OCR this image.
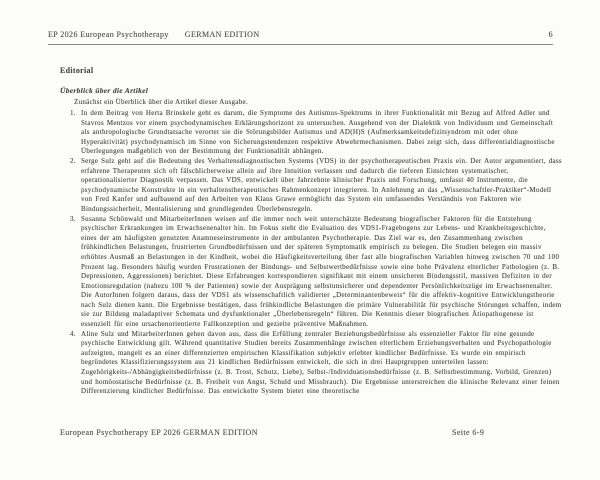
EP 2026 European Psychotherapy GERMAN EDITION	6
Editorial
Überblick über die Artikel
Zunächst ein Überblick über die Artikel dieser Ausgabe.
1. In dem Beitrag von Herta Brinskele geht es darum, die Symptome des Autismus-Spektrums in ihrer Funktionalität mit Bezug auf Alfred Adler und Stavros Mentzos vor einem psychodynamischen Erklärungshorizont zu untersuchen. Ausgehend von der Dialektik von Individuum und Gemeinschaft als anthropologische Grundtatsache verortet sie die Störungsbilder Autismus und AD(H)S (Aufmerksamkeitsdefizitsyndrom mit oder ohne Hyperaktivität) psychodynamisch im Sinne von Sicherungstendenzen respektive Abwehrmechanismen. Dabei zeigt sich, dass differentialdiagnostische Überlegungen maßgeblich von der Bestimmung der Funktionalität abhängen.
2. Serge Sulz geht auf die Bedeutung des Verhaltensdiagnostischen Systems (VDS) in der psychotherapeutischen Praxis ein. Der Autor argumentiert, dass erfahrene Therapeuten sich oft fälschlicherweise allein auf ihre Intuition verlassen und dadurch die tieferen Einsichten systematischer, operationalisierter Diagnostik verpassen. Das VDS, entwickelt über Jahrzehnte klinischer Praxis und Forschung, umfasst 40 Instrumente, die psychodynamische Konstrukte in ein verhaltenstherapeutisches Rahmenkonzept integrieren. In Anlehnung an das „Wissenschaftler-Praktiker“-Modell von Fred Kanfer und aufbauend auf den Arbeiten von Klaus Grawe ermöglicht das System ein umfassendes Verständnis von Faktoren wie Bindungssicherheit, Mentalisierung und grundlegenden Überlebensregeln.
3. Susanna Schönwald und MitarbeiterInnen weisen auf die immer noch weit unterschätzte Bedeutung biografischer Faktoren für die Entstehung psychischer Erkrankungen im Erwachsenenalter hin. Im Fokus steht die Evaluation des VDS1-Fragebogens zur Lebens- und Krankheitsgeschichte, eines der am häufigsten genutzten Anamneseinstrumente in der ambulanten Psychotherapie. Das Ziel war es, den Zusammenhang zwischen frühkindlichen Belastungen, frustrierten Grundbedürfnissen und der späteren Symptomatik empirisch zu belegen. Die Studien belegen ein massiv erhöhtes Ausmaß an Belastungen in der Kindheit, wobei die Häufigkeitsverteilung über fast alle biografischen Variablen hinweg zwischen 70 und 100 Prozent lag. Besonders häufig wurden Frustrationen der Bindungs- und Selbstwertbedürfnisse sowie eine hohe Prävalenz elterlicher Pathologien (z. B. Depressionen, Aggressionen) berichtet. Diese Erfahrungen korrespondieren signifikant mit einem unsicheren Bindungsstil, massiven Defiziten in der Emotionsregulation (nahezu 100 % der Patienten) sowie der Ausprägung selbstunsicherer und dependenter Persönlichkeitszüge im Erwachsenenalter. Die AutorInnen folgern daraus, dass der VDS1 als wissenschaftlich validierter „Determinantenbeweis“ für die affektiv-kognitive Entwicklungstheorie nach Sulz dienen kann. Die Ergebnisse bestätigen, dass frühkindliche Belastungen die primäre Vulnerabilität für psychische Störungen schaffen, indem sie zur Bildung maladaptiver Schemata und dysfunktionaler „Überlebensregeln“ führen. Die Kenntnis dieser biografischen Ätiopathogenese ist essenziell für eine ursachenorientierte Fallkonzeption und gezielte präventive Maßnahmen.
4. Aline Sulz und MitarbeiterInnen gehen davon aus, dass die Erfüllung zentraler Beziehungsbedürfnisse als essenzieller Faktor für eine gesunde psychische Entwicklung gilt. Während quantitative Studien bereits Zusammenhänge zwischen elterlichem Erziehungsverhalten und Psychopathologie aufzeigten, mangelt es an einer differenzierten empirischen Klassifikation subjektiv erlebter kindlicher Bedürfnisse. Es wurde ein empirisch begründetes Klassifizierungssystem aus 21 kindlichen Bedürfnissen entwickelt, die sich in drei Hauptgruppen unterteilen lassen: Zugehörigkeits-/Abhängigkeitsbedürfnisse (z. B. Trost, Schutz, Liebe), Selbst-/Individuationsbedürfnisse (z. B. Selbstbestimmung, Vorbild, Grenzen) und homöostatische Bedürfnisse (z. B. Freiheit von Angst, Schuld und Missbrauch). Die Ergebnisse unterstreichen die klinische Relevanz einer feinen Differenzierung kindlicher Bedürfnisse. Das entwickelte System bietet eine theoretische
European Psychotherapy EP 2026 GERMAN EDITION	Seite 6-9
